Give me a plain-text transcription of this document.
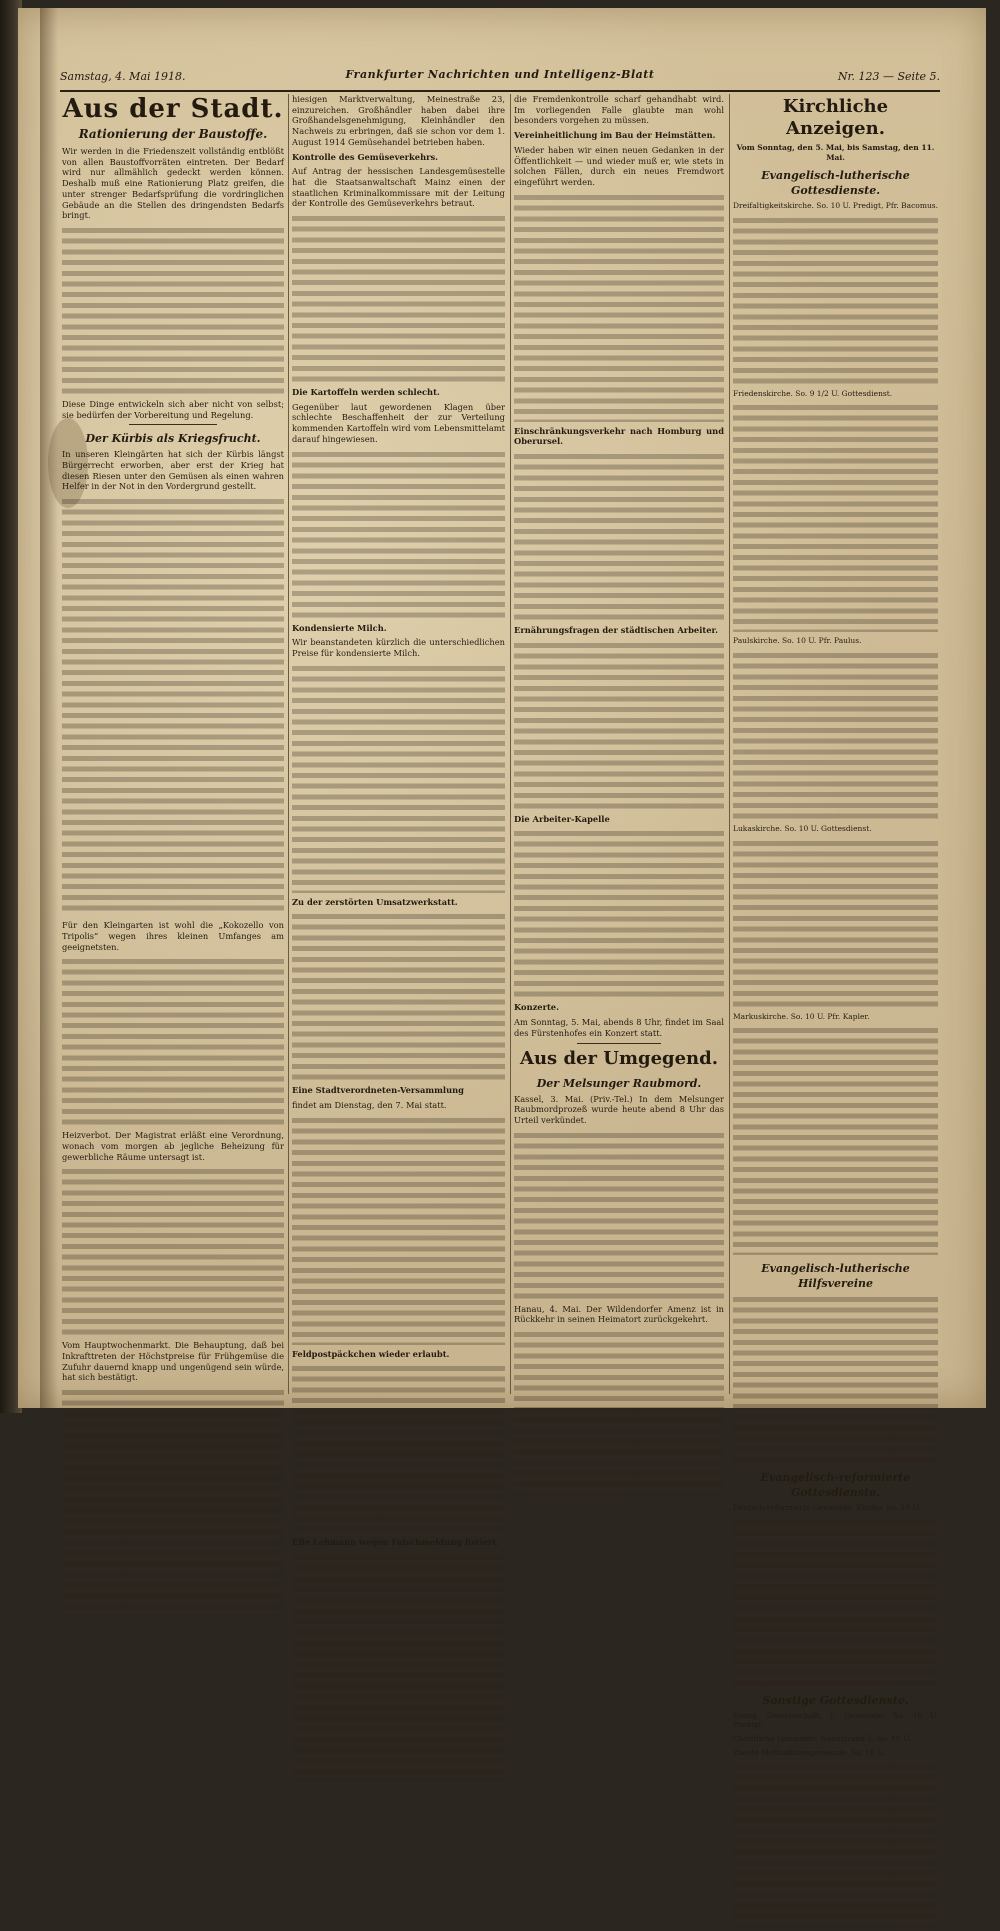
Samstag, 4. Mai 1918.	Frankfurter Nachrichten und Intelligenz-Blatt	Nr. 123 — Seite 5.
Aus der Stadt.
Rationierung der Baustoffe.
Wir werden in die Friedenszeit vollständig entblößt von allen Baustoffvorräten eintreten. Der Bedarf wird nur allmählich gedeckt werden können. Deshalb muß eine Rationierung Platz greifen, die unter strenger Bedarfsprüfung die vordringlichen Gebäude an die Stellen des dringendsten Bedarfs bringt.
Diese Dinge entwickeln sich aber nicht von selbst; sie bedürfen der Vorbereitung und Regelung.
Der Kürbis als Kriegsfrucht.
In unseren Kleingärten hat sich der Kürbis längst Bürgerrecht erworben, aber erst der Krieg hat diesen Riesen unter den Gemüsen als einen wahren Helfer in der Not in den Vordergrund gestellt.
Für den Kleingarten ist wohl die „Kokozello von Tripolis“ wegen ihres kleinen Umfanges am geeignetsten.
Heizverbot. Der Magistrat erläßt eine Verordnung, wonach vom morgen ab jegliche Beheizung für gewerbliche Räume untersagt ist.
Vom Hauptwochenmarkt. Die Behauptung, daß bei Inkrafttreten der Höchstpreise für Frühgemüse die Zufuhr dauernd knapp und ungenügend sein würde, hat sich bestätigt.
hiesigen Marktverwaltung, Meinestraße 23, einzureichen. Großhändler haben dabei ihre Großhandelsgenehmigung, Kleinhändler den Nachweis zu erbringen, daß sie schon vor dem 1. August 1914 Gemüsehandel betrieben haben.
Kontrolle des Gemüseverkehrs.
Auf Antrag der hessischen Landesgemüsestelle hat die Staatsanwaltschaft Mainz einen der staatlichen Kriminalkommissare mit der Leitung der Kontrolle des Gemüseverkehrs betraut.
Die Kartoffeln werden schlecht.
Gegenüber laut gewordenen Klagen über schlechte Beschaffenheit der zur Verteilung kommenden Kartoffeln wird vom Lebensmittelamt darauf hingewiesen.
Kondensierte Milch.
Wir beanstandeten kürzlich die unterschiedlichen Preise für kondensierte Milch.
Zu der zerstörten Umsatzwerkstatt.
Eine Stadtverordneten-Versammlung
findet am Dienstag, den 7. Mai statt.
Feldpostpäckchen wieder erlaubt.
Elle Lehmann wegen Falschmeldung fistiert.
die Fremdenkontrolle scharf gehandhabt wird. Im vorliegenden Falle glaubte man wohl besonders vorgehen zu müssen.
Vereinheitlichung im Bau der Heimstätten.
Wieder haben wir einen neuen Gedanken in der Öffentlichkeit — und wieder muß er, wie stets in solchen Fällen, durch ein neues Fremdwort eingeführt werden.
Einschränkungsverkehr nach Homburg und Oberursel.
Ernährungsfragen der städtischen Arbeiter.
Die Arbeiter-Kapelle
Konzerte.
Am Sonntag, 5. Mai, abends 8 Uhr, findet im Saal des Fürstenhofes ein Konzert statt.
Aus der Umgegend.
Der Melsunger Raubmord.
Kassel, 3. Mai. (Priv.-Tel.) In dem Melsunger Raubmordprozeß wurde heute abend 8 Uhr das Urteil verkündet.
Hanau, 4. Mai. Der Wildendorfer Amenz ist in Rückkehr in seinen Heimatort zurückgekehrt.
Kirchliche Anzeigen.
Vom Sonntag, den 5. Mai, bis Samstag, den 11. Mai.
Evangelisch-lutherische Gottesdienste.
Dreifaltigkeitskirche. So. 10 U. Predigt, Pfr. Bacomus.
Friedenskirche. So. 9 1/2 U. Gottesdienst.
Paulskirche. So. 10 U. Pfr. Paulus.
Lukaskirche. So. 10 U. Gottesdienst.
Markuskirche. So. 10 U. Pfr. Kapler.
Evangelisch-lutherische Hilfsvereine
Evangelisch-reformierte Gottesdienste.
Deutsch-reformierte Gemeinde. Kirche: So. 10 U.
Sonstige Gottesdienste.
Evang. Gemeinschaft, 1. Gemeinde. So. 10 U. Predigt.
Christliche Gemeinde, Neuestraße 5. So. 10 U.
Zweite Methodistengemeinde. So. 10 U.
